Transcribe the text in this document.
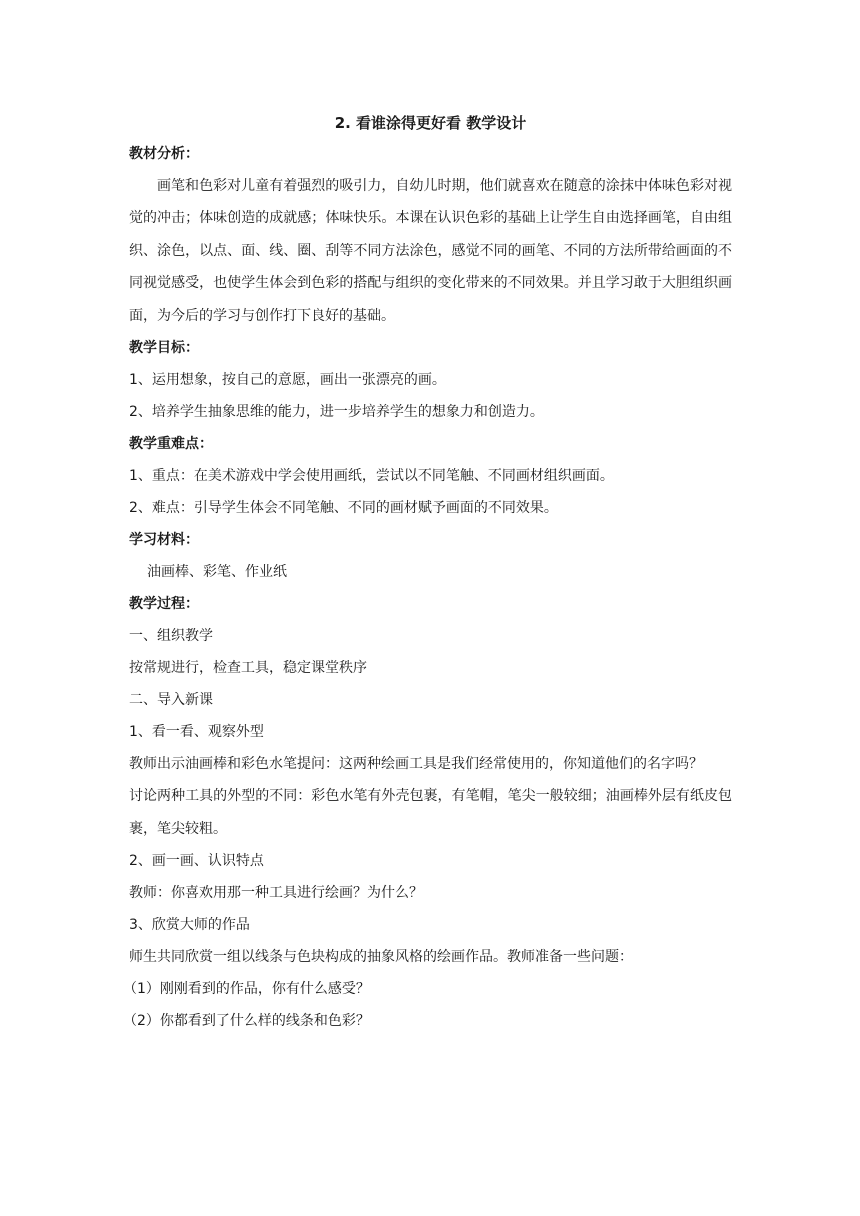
2. 看谁涂得更好看 教学设计

教材分析：

画笔和色彩对儿童有着强烈的吸引力，自幼儿时期，他们就喜欢在随意的涂抹中体味色彩对视觉的冲击；体味创造的成就感；体味快乐。本课在认识色彩的基础上让学生自由选择画笔，自由组织、涂色，以点、面、线、圈、刮等不同方法涂色，感觉不同的画笔、不同的方法所带给画面的不同视觉感受，也使学生体会到色彩的搭配与组织的变化带来的不同效果。并且学习敢于大胆组织画面，为今后的学习与创作打下良好的基础。

教学目标：

1、运用想象，按自己的意愿，画出一张漂亮的画。

2、培养学生抽象思维的能力，进一步培养学生的想象力和创造力。

教学重难点：

1、重点：在美术游戏中学会使用画纸，尝试以不同笔触、不同画材组织画面。

2、难点：引导学生体会不同笔触、不同的画材赋予画面的不同效果。

学习材料：

油画棒、彩笔、作业纸

教学过程：

一、组织教学

按常规进行，检查工具，稳定课堂秩序

二、导入新课

1、看一看、观察外型

教师出示油画棒和彩色水笔提问：这两种绘画工具是我们经常使用的，你知道他们的名字吗？

讨论两种工具的外型的不同：彩色水笔有外壳包裹，有笔帽，笔尖一般较细；油画棒外层有纸皮包裹，笔尖较粗。

2、画一画、认识特点

教师：你喜欢用那一种工具进行绘画？为什么？

3、欣赏大师的作品

师生共同欣赏一组以线条与色块构成的抽象风格的绘画作品。教师准备一些问题：

（1）刚刚看到的作品，你有什么感受？

（2）你都看到了什么样的线条和色彩？
